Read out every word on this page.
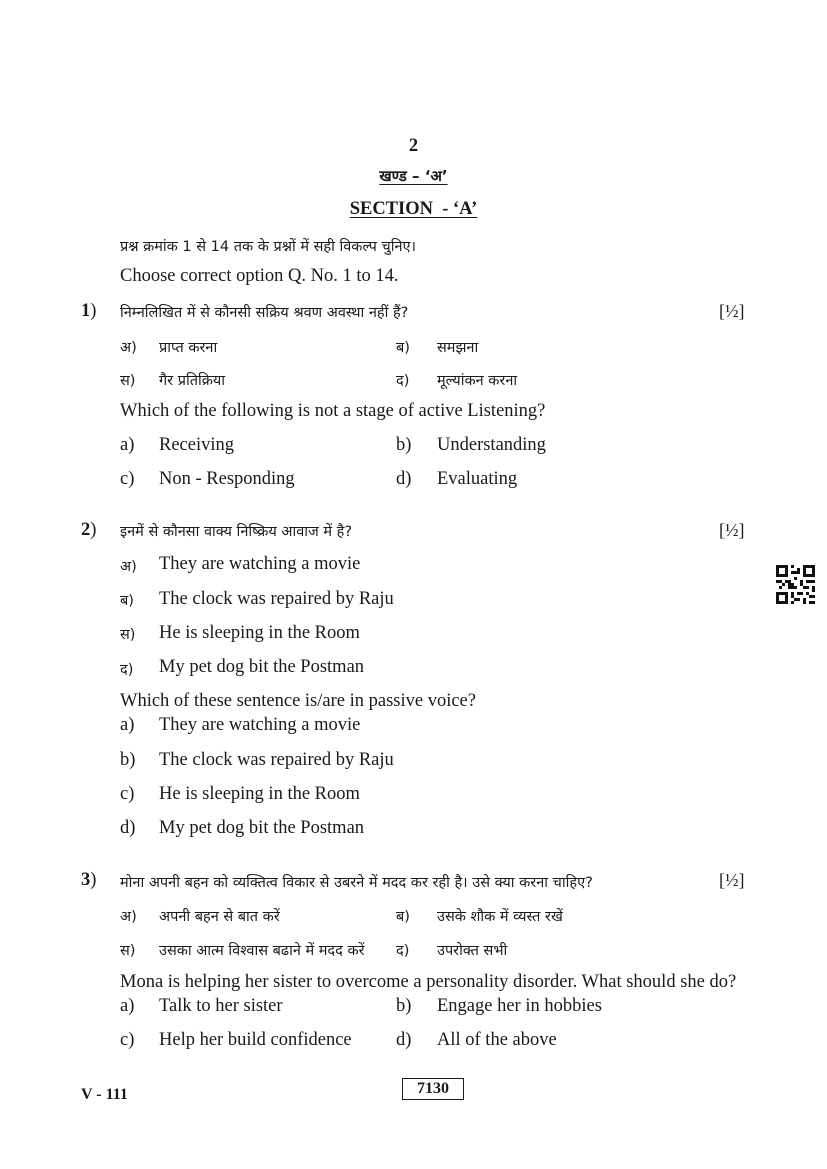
2
खण्ड – ‘अ’
SECTION  - ‘A’
प्रश्न क्रमांक 1 से 14 तक के प्रश्नों में सही विकल्प चुनिए।
Choose correct option Q. No. 1 to 14.
1) निम्नलिखित में से कौनसी सक्रिय श्रवण अवस्था नहीं हैं?	[½]
अ) प्राप्त करना	ब) समझना
स) गैर प्रतिक्रिया	द) मूल्यांकन करना
Which of the following is not a stage of active Listening?
a) Receiving	b) Understanding
c) Non - Responding	d) Evaluating
2) इनमें से कौनसा वाक्य निष्क्रिय आवाज में है?	[½]
अ) They are watching a movie
ब) The clock was repaired by Raju
स) He is sleeping in the Room
द) My pet dog bit the Postman
Which of these sentence is/are in passive voice?
a) They are watching a movie
b) The clock was repaired by Raju
c) He is sleeping in the Room
d) My pet dog bit the Postman
3) मोना अपनी बहन को व्यक्तित्व विकार से उबरने में मदद कर रही है। उसे क्या करना चाहिए?	[½]
अ) अपनी बहन से बात करें	ब) उसके शौक में व्यस्त रखें
स) उसका आत्म विश्वास बढाने में मदद करें द) उपरोक्त सभी
Mona is helping her sister to overcome a personality disorder. What should she do?
a) Talk to her sister	b) Engage her in hobbies
c) Help her build confidence d) All of the above
V - 111	7130
